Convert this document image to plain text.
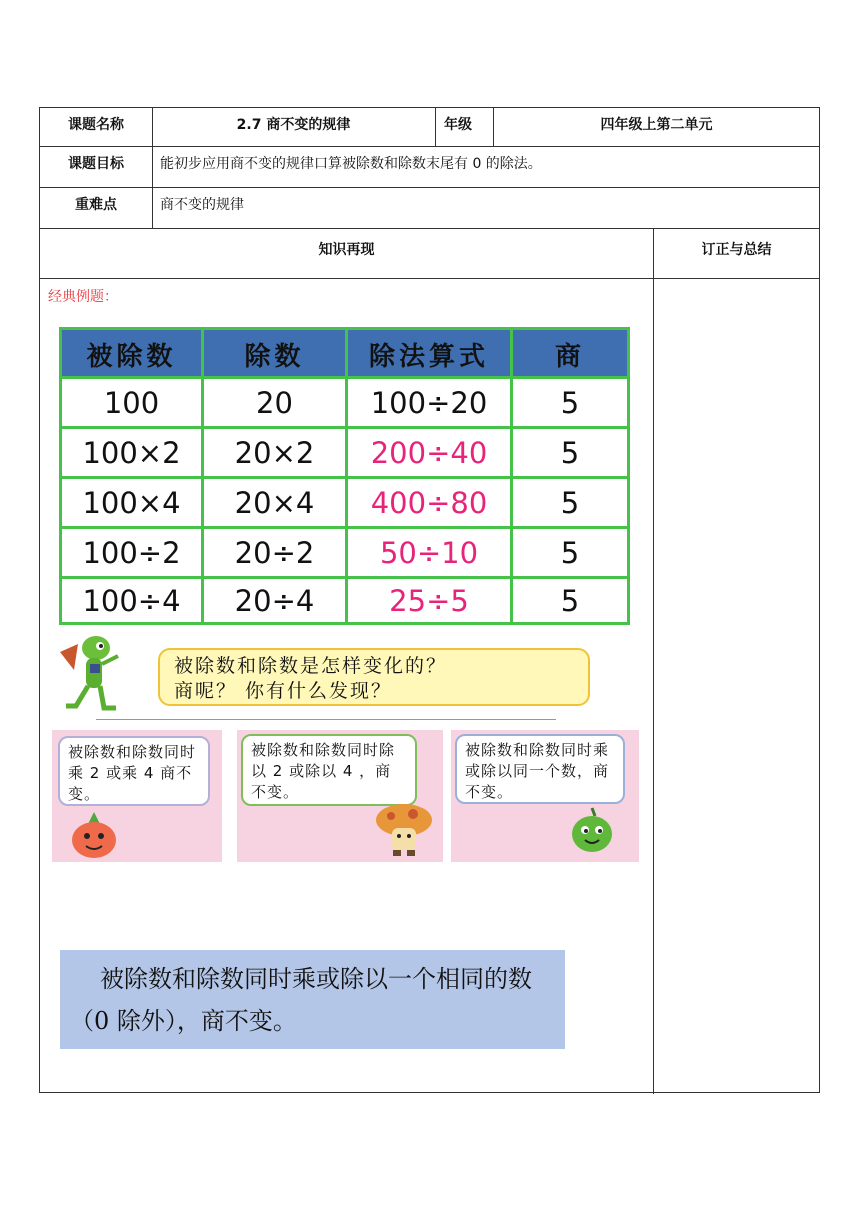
课题名称	2.7 商不变的规律	年级	四年级上第二单元
课题目标	能初步应用商不变的规律口算被除数和除数末尾有 0 的除法。
重难点	商不变的规律
知识再现	订正与总结
经典例题：
被除数	除数	除法算式	商
100	20	100÷20	5
100×2	20×2	200÷40	5
100×4	20×4	400÷80	5
100÷2	20÷2	50÷10	5
100÷4	20÷4	25÷5	5
被除数和除数是怎样变化的？
商呢？ 你有什么发现？
被除数和除数同时乘 2 或乘 4 商不变。
被除数和除数同时除以 2 或除以 4 ，商不变。
被除数和除数同时乘或除以同一个数，商不变。
被除数和除数同时乘或除以一个相同的数（0 除外），商不变。
